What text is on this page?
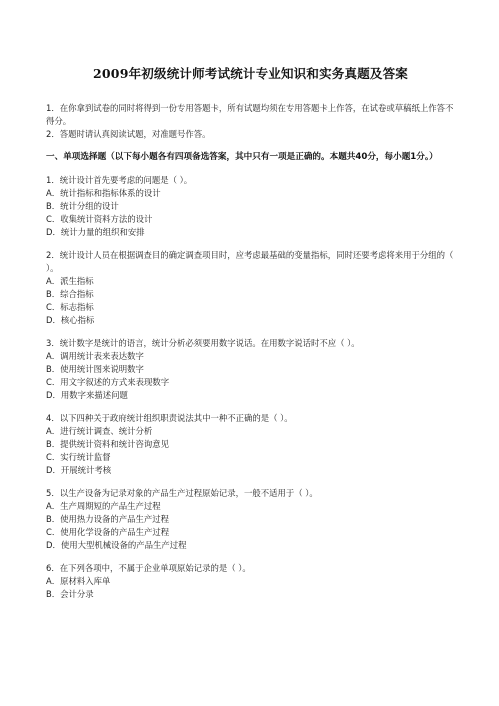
2009年初级统计师考试统计专业知识和实务真题及答案

1．在你拿到试卷的同时将得到一份专用答题卡，所有试题均须在专用答题卡上作答，在试卷或草稿纸上作答不得分。

2．答题时请认真阅读试题，对准题号作答。

一、单项选择题（以下每小题各有四项备选答案，其中只有一项是正确的。本题共40分，每小题1分。）

1．统计设计首先要考虑的问题是（ ）。

A．统计指标和指标体系的设计

B．统计分组的设计

C．收集统计资料方法的设计

D．统计力量的组织和安排

2．统计设计人员在根据调查目的确定调查项目时，应考虑最基础的变量指标，同时还要考虑将来用于分组的（ ）。

A．派生指标

B．综合指标

C．标志指标

D．核心指标

3．统计数字是统计的语言，统计分析必须要用数字说话。在用数字说话时不应（ ）。

A．调用统计表来表达数字

B．使用统计图来说明数字

C．用文字叙述的方式来表现数字

D．用数字来描述问题

4．以下四种关于政府统计组织职责说法其中一种不正确的是（ ）。

A．进行统计调查、统计分析

B．提供统计资料和统计咨询意见

C．实行统计监督

D．开展统计考核

5．以生产设备为记录对象的产品生产过程原始记录，一般不适用于（ ）。

A．生产周期短的产品生产过程

B．使用热力设备的产品生产过程

C．使用化学设备的产品生产过程

D．使用大型机械设备的产品生产过程

6．在下列各项中，不属于企业单项原始记录的是（ ）。

A．原材料入库单

B．会计分录
